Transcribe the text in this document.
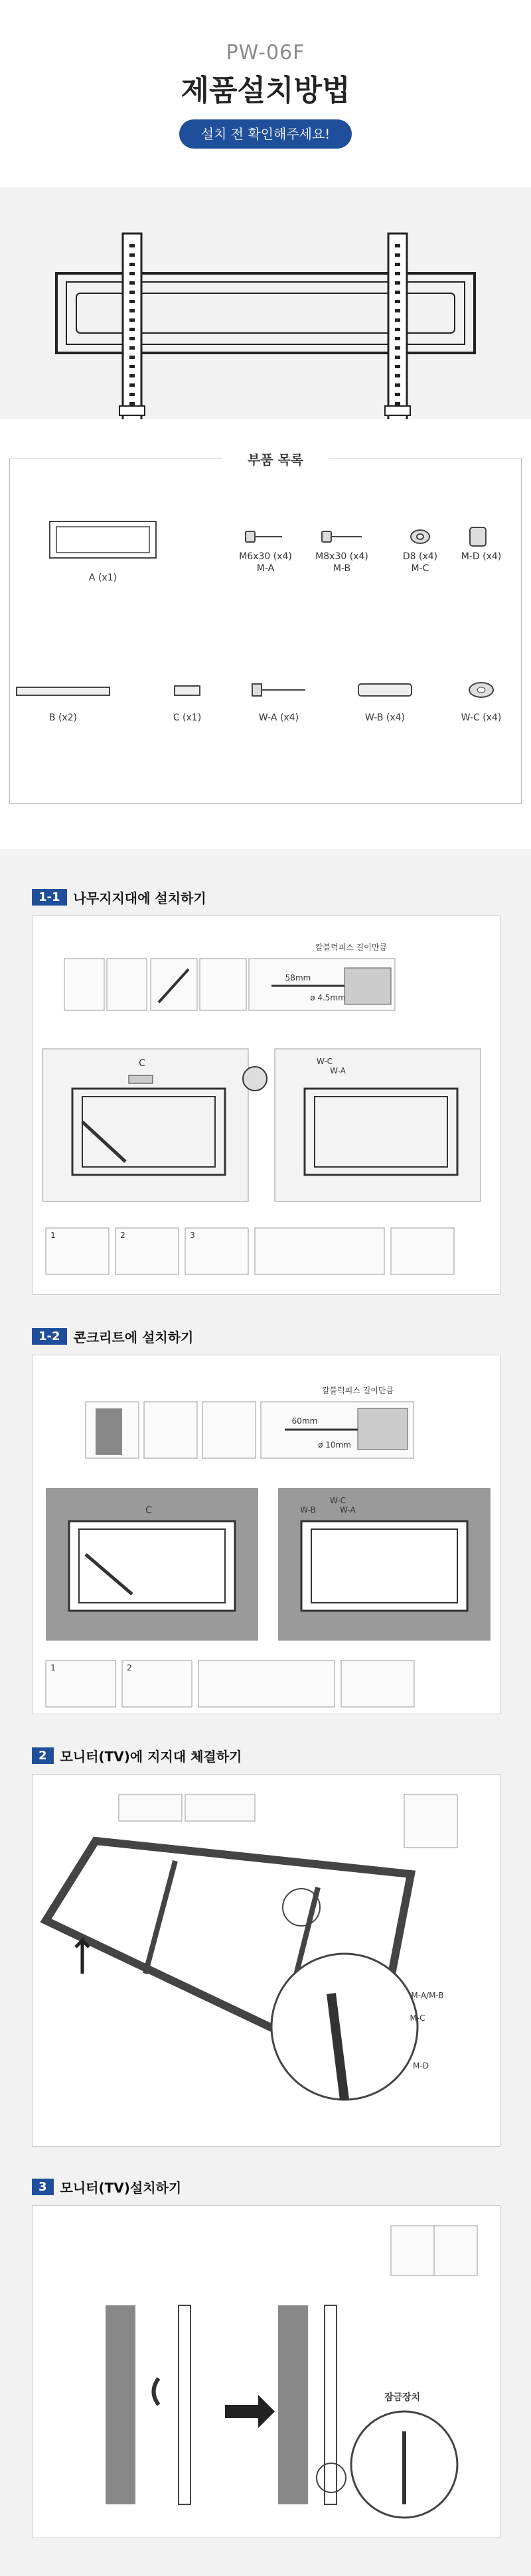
PW-06F
제품설치방법
설치 전 확인해주세요!
부품 목록
A (x1)
M6x30 (x4)
M-A
M8x30 (x4)
M-B
D8 (x4)
M-C
M-D (x4)
B (x2)	C (x1)	W-A (x4)	W-B (x4)	W-C (x4)
1-1	나무지지대에 설치하기
칼블럭피스 길이만큼
58mm
ø 4.5mm
C	W-C
W-A
1	2	3
1-2	콘크리트에 설치하기
칼블럭피스 길이만큼
60mm
ø 10mm
C	W-B
W-C
W-A
1	2
2	모니터(TV)에 지지대 체결하기
M-A/M-B
M-C
M-D
3	모니터(TV)설치하기
잠금장치
